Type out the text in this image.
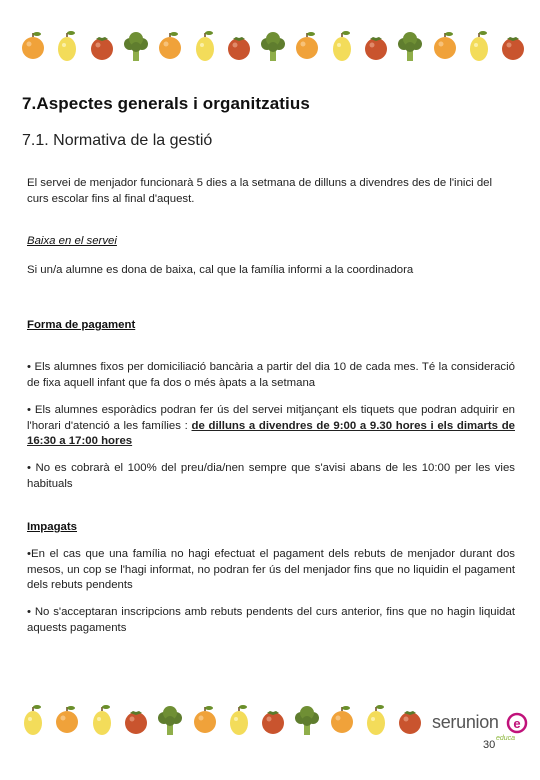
7.Aspectes generals i organitzatius
7.1. Normativa de la gestió

El servei de menjador funcionarà 5 dies a la setmana de dilluns a divendres des de l'inici del curs escolar fins al final d'aquest.

Baixa en el servei

Si un/a alumne es dona de baixa, cal que la família informi a la coordinadora

Forma de pagament

• Els alumnes fixos per domiciliació bancària a partir del dia 10 de cada mes. Té la consideració de fixa aquell infant que fa dos o més àpats a la setmana

• Els alumnes esporàdics podran fer ús del servei mitjançant els tiquets que podran adquirir en l'horari d'atenció a les famílies : de dilluns a divendres de 9:00 a 9.30 hores i els dimarts de 16:30 a 17:00 hores

• No es cobrarà el 100% del preu/dia/nen sempre que s'avisi abans de les 10:00 per les vies habituals

Impagats

•En el cas que una família no hagi efectuat el pagament dels rebuts de menjador durant dos mesos, un cop se l'hagi informat, no podran fer ús del menjador fins que no liquidin el pagament dels rebuts pendents

• No s'acceptaran inscripcions amb rebuts pendents del curs anterior, fins que no hagin liquidat aquests pagaments

serunion e
educa
30
